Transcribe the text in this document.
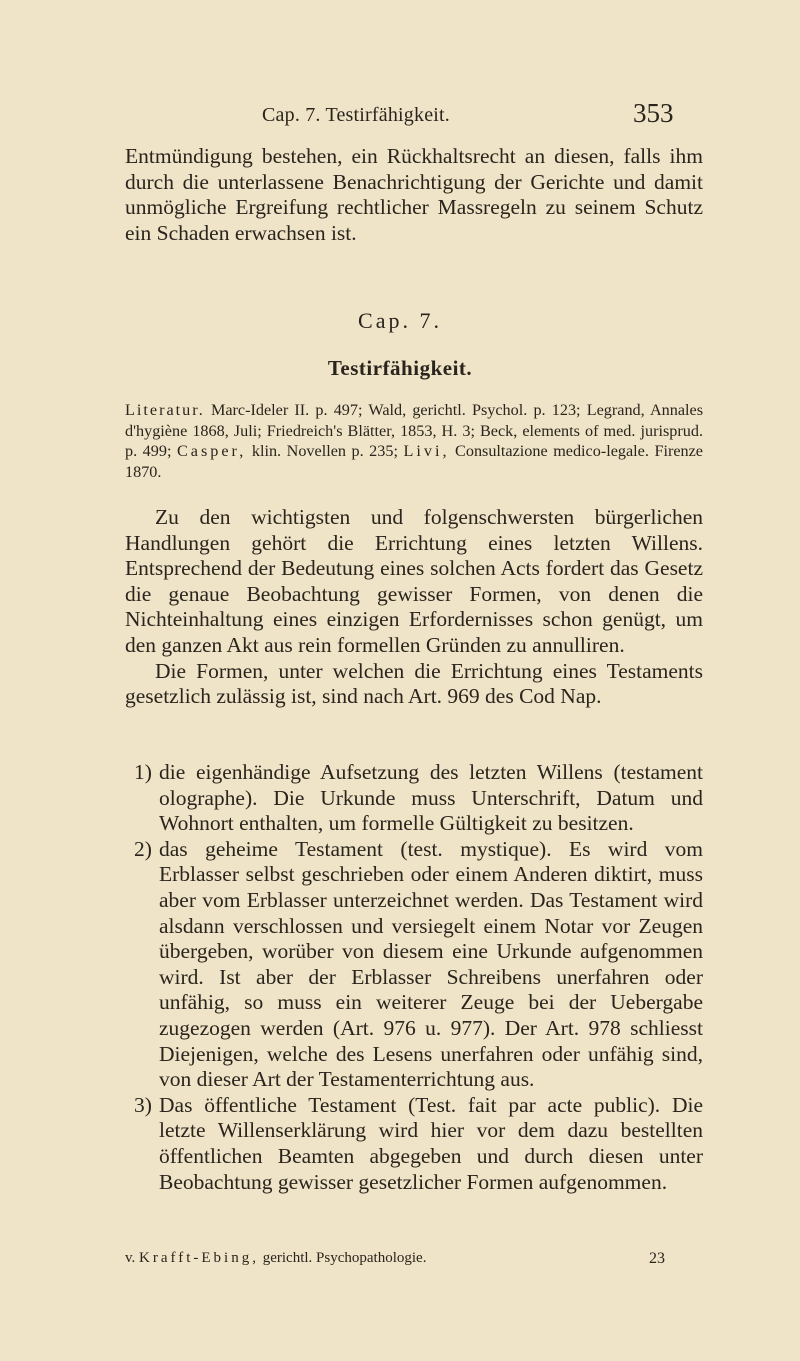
Cap. 7. Testirfähigkeit.	353

Entmündigung bestehen, ein Rückhaltsrecht an diesen, falls ihm durch die unterlassene Benachrichtigung der Gerichte und damit unmögliche Ergreifung rechtlicher Massregeln zu seinem Schutz ein Schaden erwachsen ist.

Cap. 7.
Testirfähigkeit.

Literatur. Marc-Ideler II. p. 497; Wald, gerichtl. Psychol. p. 123; Legrand, Annales d'hygiène 1868, Juli; Friedreich's Blätter, 1853, H. 3; Beck, elements of med. jurisprud. p. 499; Casper, klin. Novellen p. 235; Livi, Consultazione medico-legale. Firenze 1870.

Zu den wichtigsten und folgenschwersten bürgerlichen Handlungen gehört die Errichtung eines letzten Willens. Entsprechend der Bedeutung eines solchen Acts fordert das Gesetz die genaue Beobachtung gewisser Formen, von denen die Nichteinhaltung eines einzigen Erfordernisses schon genügt, um den ganzen Akt aus rein formellen Gründen zu annulliren.

Die Formen, unter welchen die Errichtung eines Testaments gesetzlich zulässig ist, sind nach Art. 969 des Cod Nap.

1) die eigenhändige Aufsetzung des letzten Willens (testament olographe). Die Urkunde muss Unterschrift, Datum und Wohnort enthalten, um formelle Gültigkeit zu besitzen.
2) das geheime Testament (test. mystique). Es wird vom Erblasser selbst geschrieben oder einem Anderen diktirt, muss aber vom Erblasser unterzeichnet werden. Das Testament wird alsdann verschlossen und versiegelt einem Notar vor Zeugen übergeben, worüber von diesem eine Urkunde aufgenommen wird. Ist aber der Erblasser Schreibens unerfahren oder unfähig, so muss ein weiterer Zeuge bei der Uebergabe zugezogen werden (Art. 976 u. 977). Der Art. 978 schliesst Diejenigen, welche des Lesens unerfahren oder unfähig sind, von dieser Art der Testamenterrichtung aus.
3) Das öffentliche Testament (Test. fait par acte public). Die letzte Willenserklärung wird hier vor dem dazu bestellten öffentlichen Beamten abgegeben und durch diesen unter Beobachtung gewisser gesetzlicher Formen aufgenommen.
v. Krafft-Ebing, gerichtl. Psychopathologie.	23
